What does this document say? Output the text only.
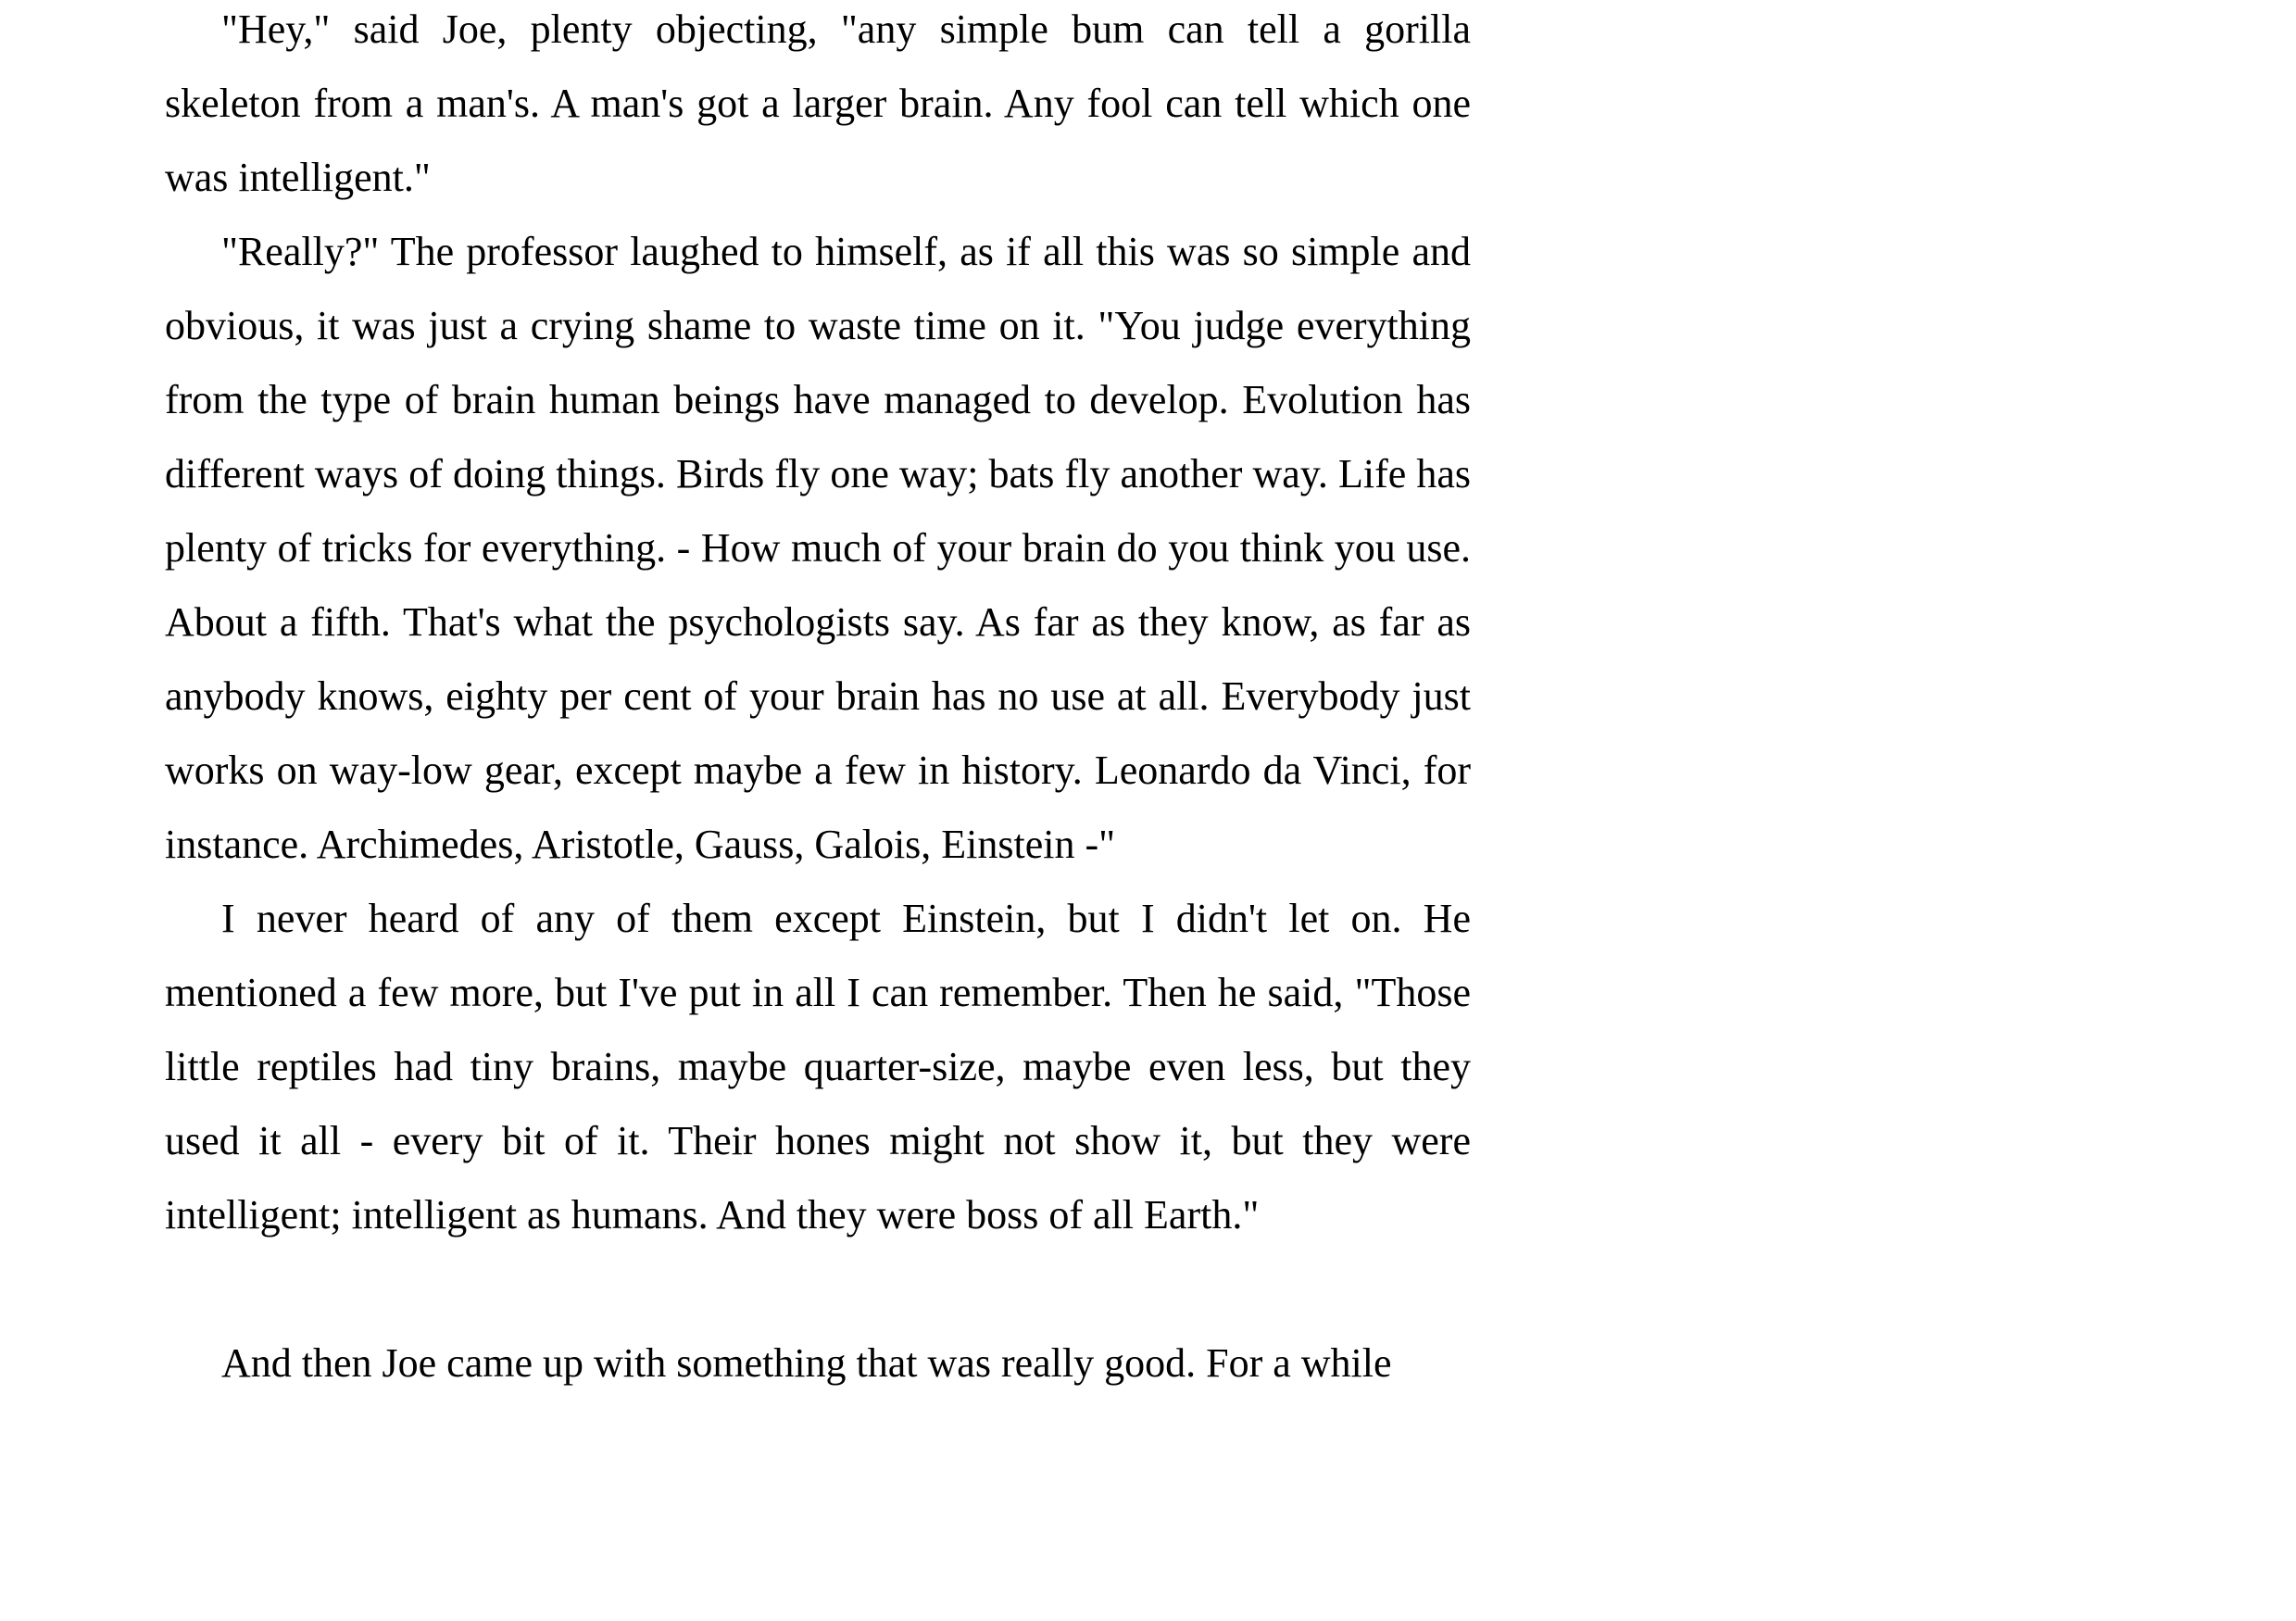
"Hey," said Joe, plenty objecting, "any simple bum can tell a gorilla skeleton from a man's. A man's got a larger brain. Any fool can tell which one was intelligent."

"Really?" The professor laughed to himself, as if all this was so simple and obvious, it was just a crying shame to waste time on it. "You judge everything from the type of brain human beings have managed to develop. Evolution has different ways of doing things. Birds fly one way; bats fly another way. Life has plenty of tricks for everything. - How much of your brain do you think you use. About a fifth. That's what the psychologists say. As far as they know, as far as anybody knows, eighty per cent of your brain has no use at all. Everybody just works on way-low gear, except maybe a few in history. Leonardo da Vinci, for instance. Archimedes, Aristotle, Gauss, Galois, Einstein -"

I never heard of any of them except Einstein, but I didn't let on. He mentioned a few more, but I've put in all I can remember. Then he said, "Those little reptiles had tiny brains, maybe quarter-size, maybe even less, but they used it all - every bit of it. Their hones might not show it, but they were intelligent; intelligent as humans. And they were boss of all Earth."

And then Joe came up with something that was really good. For a while
